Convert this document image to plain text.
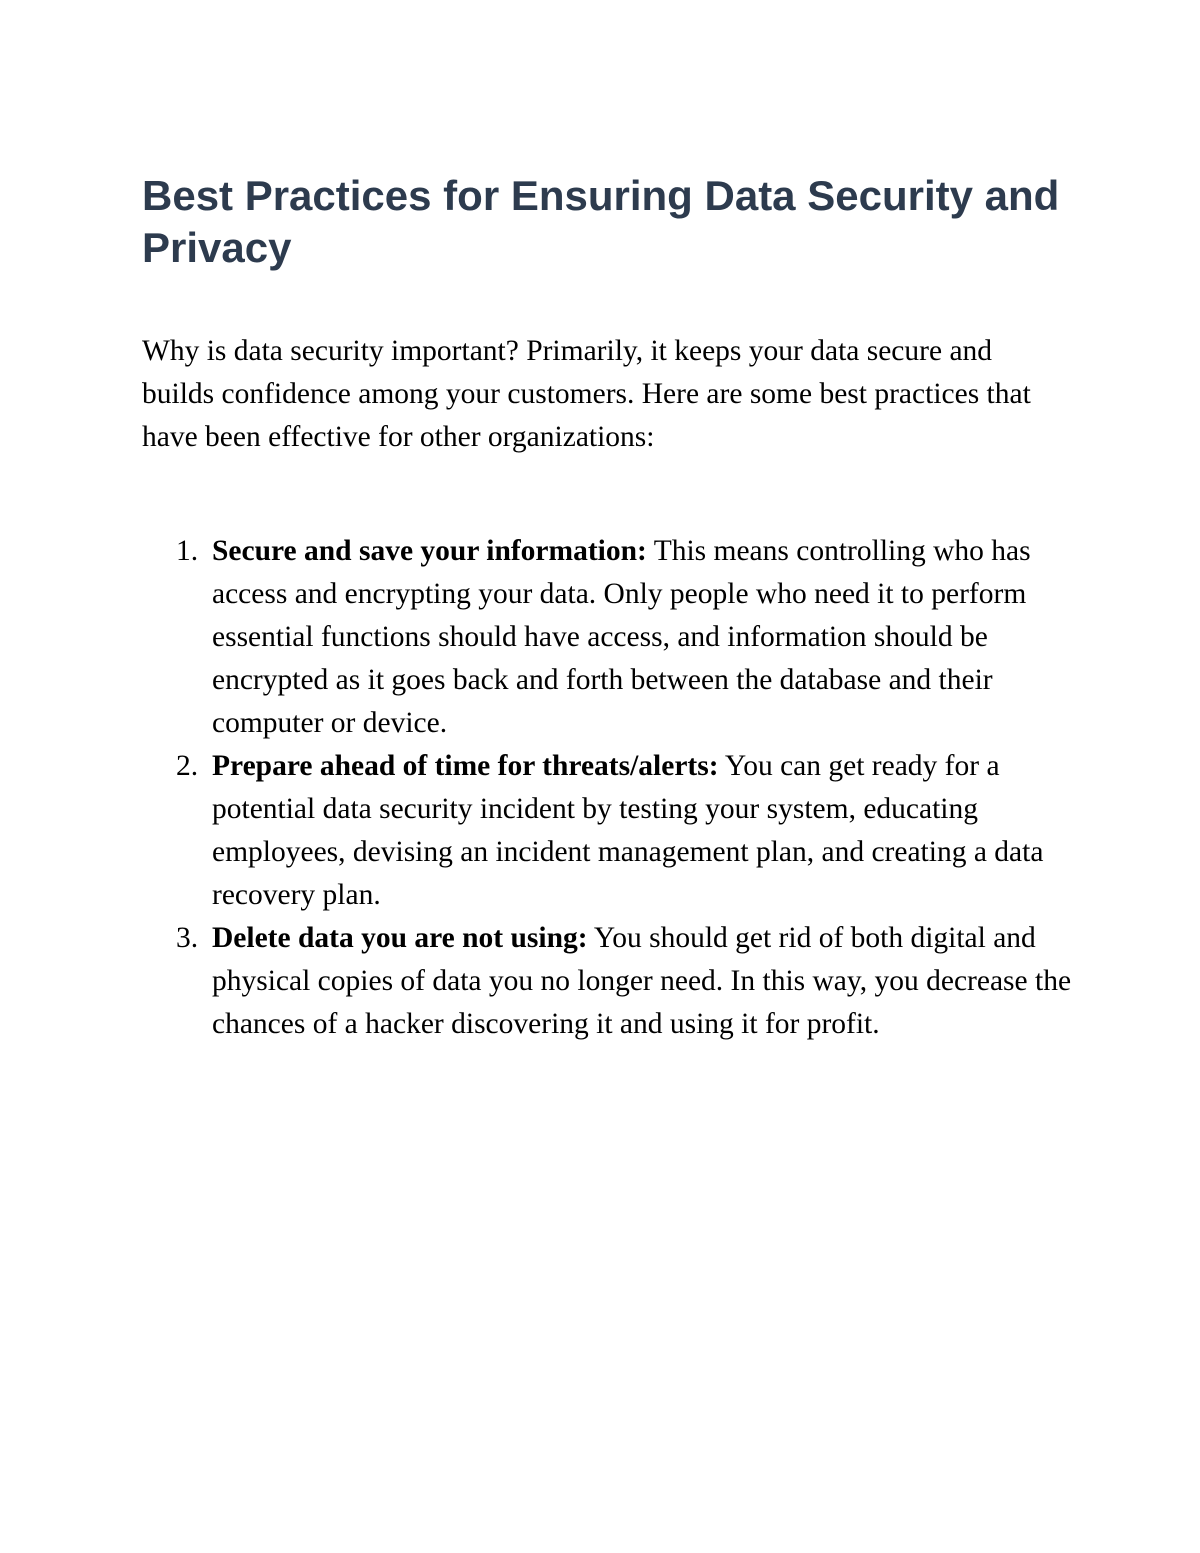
Best Practices for Ensuring Data Security and Privacy

Why is data security important? Primarily, it keeps your data secure and builds confidence among your customers. Here are some best practices that have been effective for other organizations:

1. Secure and save your information: This means controlling who has access and encrypting your data. Only people who need it to perform essential functions should have access, and information should be encrypted as it goes back and forth between the database and their computer or device.
2. Prepare ahead of time for threats/alerts: You can get ready for a potential data security incident by testing your system, educating employees, devising an incident management plan, and creating a data recovery plan.
3. Delete data you are not using: You should get rid of both digital and physical copies of data you no longer need. In this way, you decrease the chances of a hacker discovering it and using it for profit.
